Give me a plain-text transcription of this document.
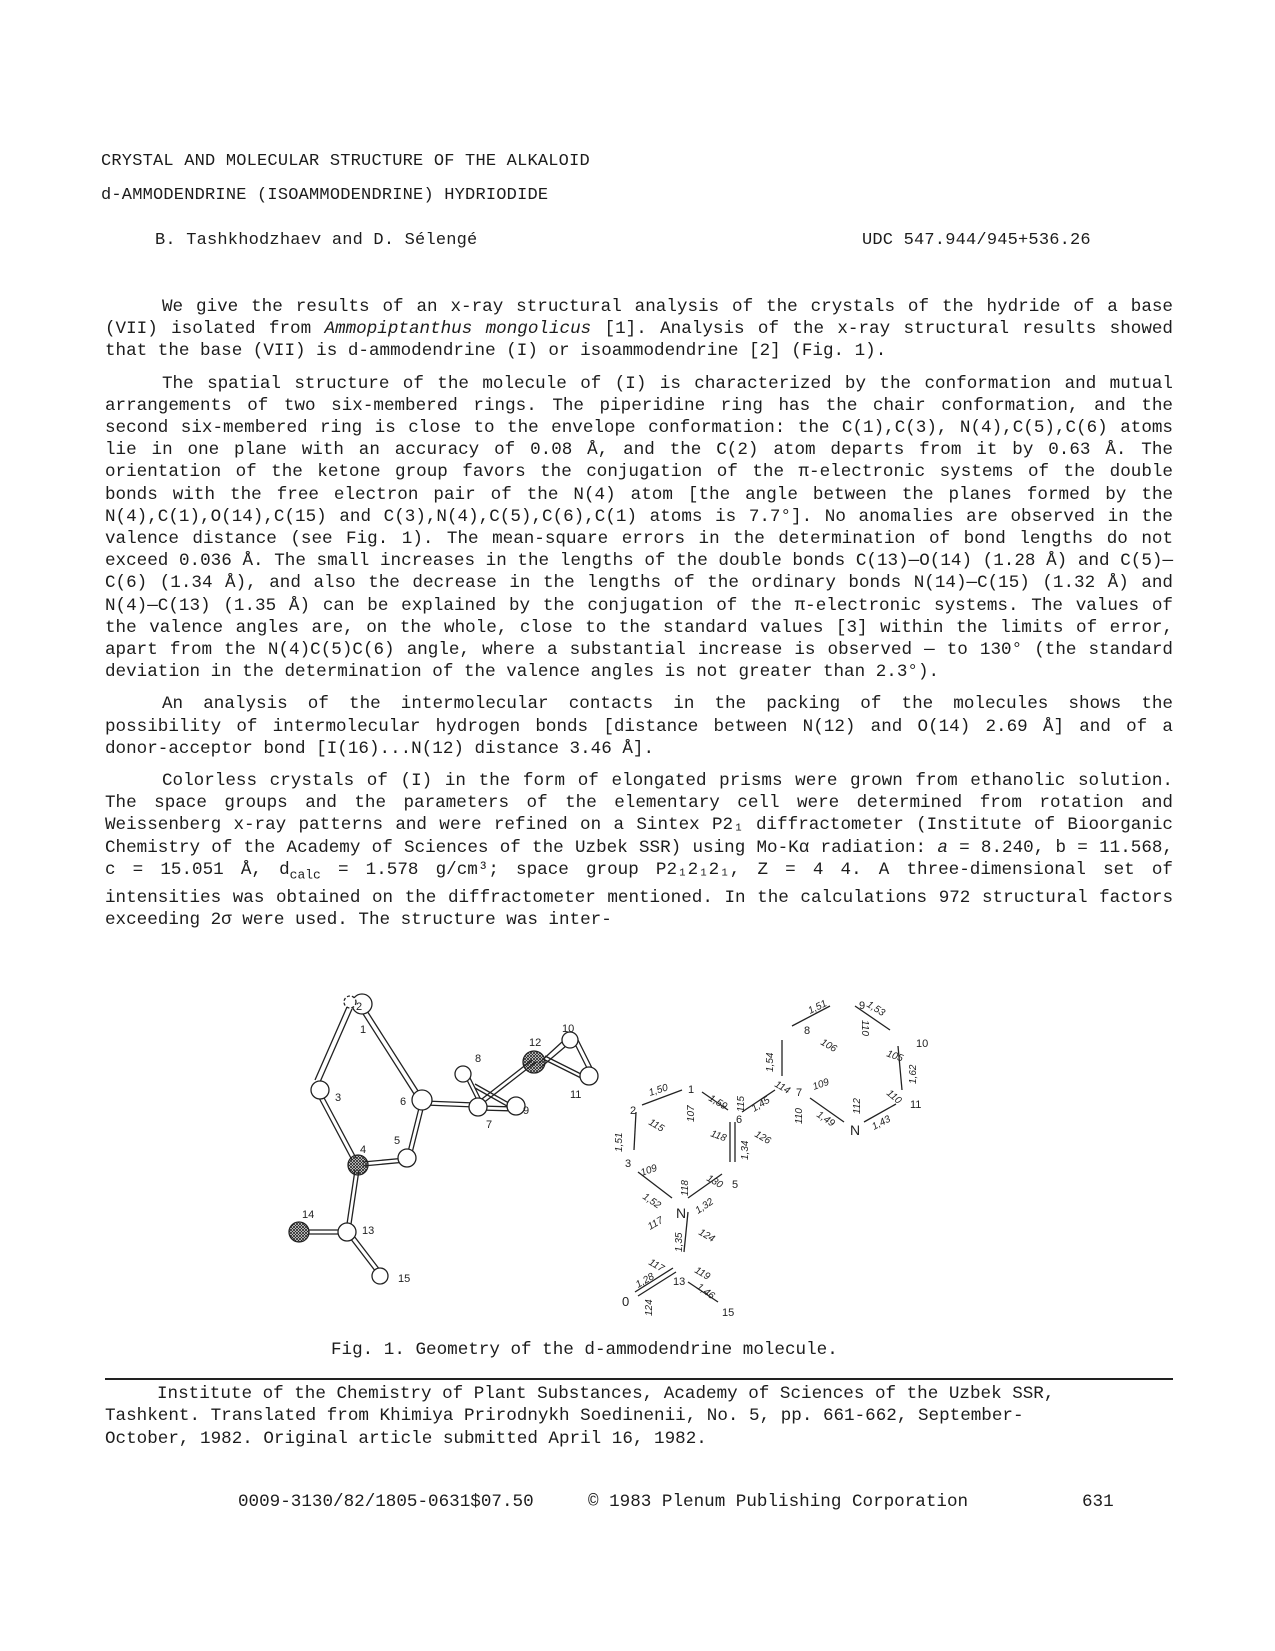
CRYSTAL AND MOLECULAR STRUCTURE OF THE ALKALOID
d-AMMODENDRINE (ISOAMMODENDRINE) HYDRIODIDE
B. Tashkhodzhaev and D. Sélengé	UDC 547.944/945+536.26

We give the results of an x-ray structural analysis of the crystals of the hydride of a base (VII) isolated from Ammopiptanthus mongolicus [1]. Analysis of the x-ray structural results showed that the base (VII) is d-ammodendrine (I) or isoammodendrine [2] (Fig. 1).

The spatial structure of the molecule of (I) is characterized by the conformation and mutual arrangements of two six-membered rings. The piperidine ring has the chair conformation, and the second six-membered ring is close to the envelope conformation: the C(1),C(3), N(4),C(5),C(6) atoms lie in one plane with an accuracy of 0.08 Å, and the C(2) atom departs from it by 0.63 Å. The orientation of the ketone group favors the conjugation of the π-electronic systems of the double bonds with the free electron pair of the N(4) atom [the angle between the planes formed by the N(4),C(1),O(14),C(15) and C(3),N(4),C(5),C(6),C(1) atoms is 7.7°]. No anomalies are observed in the valence distance (see Fig. 1). The mean-square errors in the determination of bond lengths do not exceed 0.036 Å. The small increases in the lengths of the double bonds C(13)—O(14) (1.28 Å) and C(5)—C(6) (1.34 Å), and also the decrease in the lengths of the ordinary bonds N(14)—C(15) (1.32 Å) and N(4)—C(13) (1.35 Å) can be explained by the conjugation of the π-electronic systems. The values of the valence angles are, on the whole, close to the standard values [3] within the limits of error, apart from the N(4)C(5)C(6) angle, where a substantial increase is observed — to 130° (the standard deviation in the determination of the valence angles is not greater than 2.3°).

An analysis of the intermolecular contacts in the packing of the molecules shows the possibility of intermolecular hydrogen bonds [distance between N(12) and O(14) 2.69 Å] and of a donor-acceptor bond [I(16)...N(12) distance 3.46 Å].

Colorless crystals of (I) in the form of elongated prisms were grown from ethanolic solution. The space groups and the parameters of the elementary cell were determined from rotation and Weissenberg x-ray patterns and were refined on a Sintex P2₁ diffractometer (Institute of Bioorganic Chemistry of the Academy of Sciences of the Uzbek SSR) using Mo-Kα radiation: a = 8.240, b = 11.568, c = 15.051 Å, $d_{calc} = 1.578$ g/cm³; space group P2₁2₁2₁, Z = 4 4. A three-dimensional set of intensities was obtained on the diffractometer mentioned. In the calculations 972 structural factors exceeding 2σ were used. The structure was inter-

1
2
3
4
5
6
7
8
9
10
11
12
13
14
15
1
2
3
N
5
6
7
8
9
10
11
N
13
0
15
1,50
1,59
1,51
1,52	1,32
1,34
1,45
1,54
1,51	1,53
1,62
1,43
1,49
1,35
1,28
1,46
115
107
115
118 126
109
130
118
117
124
117	119
124
114 109
110
106
110
105
110
112
Fig. 1. Geometry of the d-ammodendrine molecule.
Institute of the Chemistry of Plant Substances, Academy of Sciences of the Uzbek SSR, Tashkent. Translated from Khimiya Prirodnykh Soedinenii, No. 5, pp. 661-662, September-October, 1982. Original article submitted April 16, 1982.
0009-3130/82/1805-0631$07.50	© 1983 Plenum Publishing Corporation	631
